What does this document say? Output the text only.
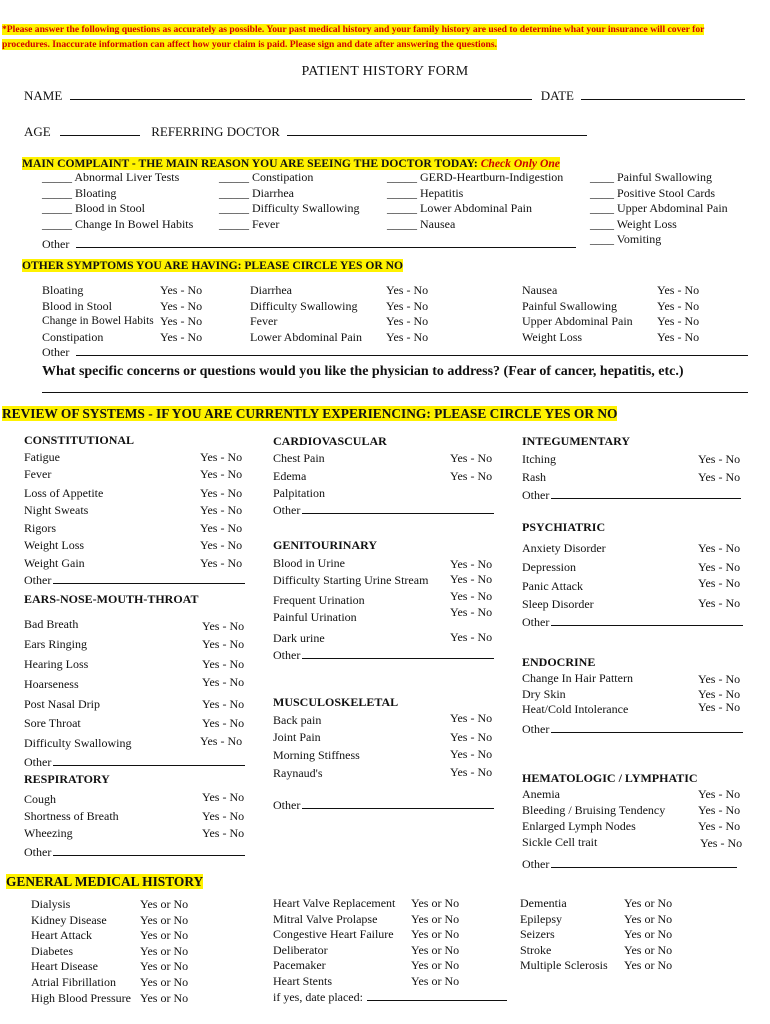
*Please answer the following questions as accurately as possible. Your past medical history and your family history are used to determine what your insurance will cover for procedures. Inaccurate information can affect how your claim is paid. Please sign and date after answering the questions.
PATIENT HISTORY FORM
NAME	DATE
AGE	REFERRING DOCTOR
MAIN COMPLAINT - THE MAIN REASON YOU ARE SEEING THE DOCTOR TODAY: Check Only One
_____ Abnormal Liver Tests
_____ Bloating
_____ Blood in Stool
_____ Change In Bowel Habits
_____ Constipation
_____ Diarrhea
_____ Difficulty Swallowing
_____ Fever
_____ GERD-Heartburn-Indigestion
_____ Hepatitis
_____ Lower Abdominal Pain
_____ Nausea
____ Painful Swallowing
____ Positive Stool Cards
____ Upper Abdominal Pain
____ Weight Loss
____ Vomiting
Other
OTHER SYMPTOMS YOU ARE HAVING: PLEASE CIRCLE YES OR NO
Bloating
Blood in Stool
Change in Bowel Habits
Constipation
Yes - No
Yes - No
Yes - No
Yes - No
Diarrhea
Difficulty Swallowing
Fever
Lower Abdominal Pain
Yes - No
Yes - No
Yes - No
Yes - No
Nausea
Painful Swallowing
Upper Abdominal Pain
Weight Loss
Yes - No
Yes - No
Yes - No
Yes - No
Other
What specific concerns or questions would you like the physician to address? (Fear of cancer, hepatitis, etc.)
REVIEW OF SYSTEMS - IF YOU ARE CURRENTLY EXPERIENCING: PLEASE CIRCLE YES OR NO
CONSTITUTIONAL
Fatigue
Fever
Loss of Appetite
Night Sweats
Rigors
Weight Loss
Weight Gain
Yes - No
Yes - No
Yes - No
Yes - No
Yes - No
Yes - No
Yes - No
Other
EARS-NOSE-MOUTH-THROAT
Bad Breath
Ears Ringing
Hearing Loss
Hoarseness
Post Nasal Drip
Sore Throat
Difficulty Swallowing
Yes - No
Yes - No
Yes - No
Yes - No
Yes - No
Yes - No
Yes - No
Other
RESPIRATORY
Cough
Shortness of Breath
Wheezing
Yes - No
Yes - No
Yes - No
Other
CARDIOVASCULAR
Chest Pain
Edema
Palpitation
Yes - No
Yes - No
Other
GENITOURINARY
Blood in Urine
Difficulty Starting Urine Stream
Frequent Urination
Painful Urination
Dark urine
Yes - No
Yes - No
Yes - No
Yes - No
Yes - No
Other
MUSCULOSKELETAL
Back pain
Joint Pain
Morning Stiffness
Raynaud's
Yes - No
Yes - No
Yes - No
Yes - No
Other
INTEGUMENTARY
Itching
Rash
Yes - No
Yes - No
Other
PSYCHIATRIC
Anxiety Disorder
Depression
Panic Attack
Sleep Disorder
Yes - No
Yes - No
Yes - No
Yes - No
Other
ENDOCRINE
Change In Hair Pattern
Dry Skin
Heat/Cold Intolerance
Yes - No
Yes - No
Yes - No
Other
HEMATOLOGIC / LYMPHATIC
Anemia
Bleeding / Bruising Tendency
Enlarged Lymph Nodes
Sickle Cell trait
Yes - No
Yes - No
Yes - No
Yes - No
Other
GENERAL MEDICAL HISTORY
Dialysis
Kidney Disease
Heart Attack
Diabetes
Heart Disease
Atrial Fibrillation
High Blood Pressure
Yes or No
Yes or No
Yes or No
Yes or No
Yes or No
Yes or No
Yes or No
Heart Valve Replacement
Mitral Valve Prolapse
Congestive Heart Failure
Deliberator
Pacemaker
Heart Stents
if yes, date placed:
Yes or No
Yes or No
Yes or No
Yes or No
Yes or No
Yes or No
Dementia
Epilepsy
Seizers
Stroke
Multiple Sclerosis
Yes or No
Yes or No
Yes or No
Yes or No
Yes or No
